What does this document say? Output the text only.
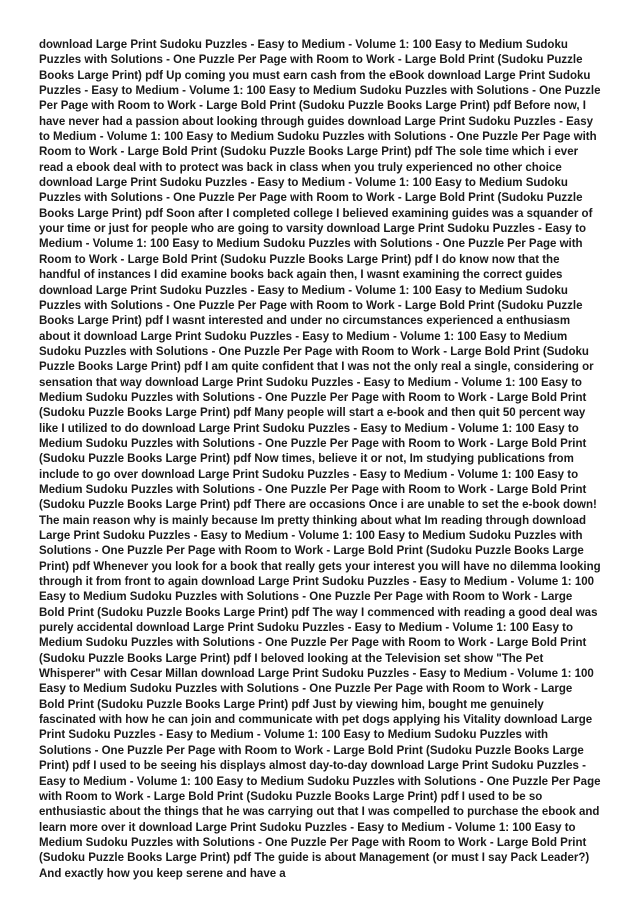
download Large Print Sudoku Puzzles - Easy to Medium - Volume 1: 100 Easy to Medium Sudoku Puzzles with Solutions - One Puzzle Per Page with Room to Work - Large Bold Print (Sudoku Puzzle Books Large Print) pdf Up coming you must earn cash from the eBook download Large Print Sudoku Puzzles - Easy to Medium - Volume 1: 100 Easy to Medium Sudoku Puzzles with Solutions - One Puzzle Per Page with Room to Work - Large Bold Print (Sudoku Puzzle Books Large Print) pdf Before now, I have never had a passion about looking through guides download Large Print Sudoku Puzzles - Easy to Medium - Volume 1: 100 Easy to Medium Sudoku Puzzles with Solutions - One Puzzle Per Page with Room to Work - Large Bold Print (Sudoku Puzzle Books Large Print) pdf The sole time which i ever read a ebook deal with to protect was back in class when you truly experienced no other choice download Large Print Sudoku Puzzles - Easy to Medium - Volume 1: 100 Easy to Medium Sudoku Puzzles with Solutions - One Puzzle Per Page with Room to Work - Large Bold Print (Sudoku Puzzle Books Large Print) pdf Soon after I completed college I believed examining guides was a squander of your time or just for people who are going to varsity download Large Print Sudoku Puzzles - Easy to Medium - Volume 1: 100 Easy to Medium Sudoku Puzzles with Solutions - One Puzzle Per Page with Room to Work - Large Bold Print (Sudoku Puzzle Books Large Print) pdf I do know now that the handful of instances I did examine books back again then, I wasnt examining the correct guides download Large Print Sudoku Puzzles - Easy to Medium - Volume 1: 100 Easy to Medium Sudoku Puzzles with Solutions - One Puzzle Per Page with Room to Work - Large Bold Print (Sudoku Puzzle Books Large Print) pdf I wasnt interested and under no circumstances experienced a enthusiasm about it download Large Print Sudoku Puzzles - Easy to Medium - Volume 1: 100 Easy to Medium Sudoku Puzzles with Solutions - One Puzzle Per Page with Room to Work - Large Bold Print (Sudoku Puzzle Books Large Print) pdf I am quite confident that I was not the only real a single, considering or sensation that way download Large Print Sudoku Puzzles - Easy to Medium - Volume 1: 100 Easy to Medium Sudoku Puzzles with Solutions - One Puzzle Per Page with Room to Work - Large Bold Print (Sudoku Puzzle Books Large Print) pdf Many people will start a e-book and then quit 50 percent way like I utilized to do download Large Print Sudoku Puzzles - Easy to Medium - Volume 1: 100 Easy to Medium Sudoku Puzzles with Solutions - One Puzzle Per Page with Room to Work - Large Bold Print (Sudoku Puzzle Books Large Print) pdf Now times, believe it or not, Im studying publications from include to go over download Large Print Sudoku Puzzles - Easy to Medium - Volume 1: 100 Easy to Medium Sudoku Puzzles with Solutions - One Puzzle Per Page with Room to Work - Large Bold Print (Sudoku Puzzle Books Large Print) pdf There are occasions Once i are unable to set the e-book down! The main reason why is mainly because Im pretty thinking about what Im reading through download Large Print Sudoku Puzzles - Easy to Medium - Volume 1: 100 Easy to Medium Sudoku Puzzles with Solutions - One Puzzle Per Page with Room to Work - Large Bold Print (Sudoku Puzzle Books Large Print) pdf Whenever you look for a book that really gets your interest you will have no dilemma looking through it from front to again download Large Print Sudoku Puzzles - Easy to Medium - Volume 1: 100 Easy to Medium Sudoku Puzzles with Solutions - One Puzzle Per Page with Room to Work - Large Bold Print (Sudoku Puzzle Books Large Print) pdf The way I commenced with reading a good deal was purely accidental download Large Print Sudoku Puzzles - Easy to Medium - Volume 1: 100 Easy to Medium Sudoku Puzzles with Solutions - One Puzzle Per Page with Room to Work - Large Bold Print (Sudoku Puzzle Books Large Print) pdf I beloved looking at the Television set show "The Pet Whisperer" with Cesar Millan download Large Print Sudoku Puzzles - Easy to Medium - Volume 1: 100 Easy to Medium Sudoku Puzzles with Solutions - One Puzzle Per Page with Room to Work - Large Bold Print (Sudoku Puzzle Books Large Print) pdf Just by viewing him, bought me genuinely fascinated with how he can join and communicate with pet dogs applying his Vitality download Large Print Sudoku Puzzles - Easy to Medium - Volume 1: 100 Easy to Medium Sudoku Puzzles with Solutions - One Puzzle Per Page with Room to Work - Large Bold Print (Sudoku Puzzle Books Large Print) pdf I used to be seeing his displays almost day-to-day download Large Print Sudoku Puzzles - Easy to Medium - Volume 1: 100 Easy to Medium Sudoku Puzzles with Solutions - One Puzzle Per Page with Room to Work - Large Bold Print (Sudoku Puzzle Books Large Print) pdf I used to be so enthusiastic about the things that he was carrying out that I was compelled to purchase the ebook and learn more over it download Large Print Sudoku Puzzles - Easy to Medium - Volume 1: 100 Easy to Medium Sudoku Puzzles with Solutions - One Puzzle Per Page with Room to Work - Large Bold Print (Sudoku Puzzle Books Large Print) pdf The guide is about Management (or must I say Pack Leader?) And exactly how you keep serene and have a
